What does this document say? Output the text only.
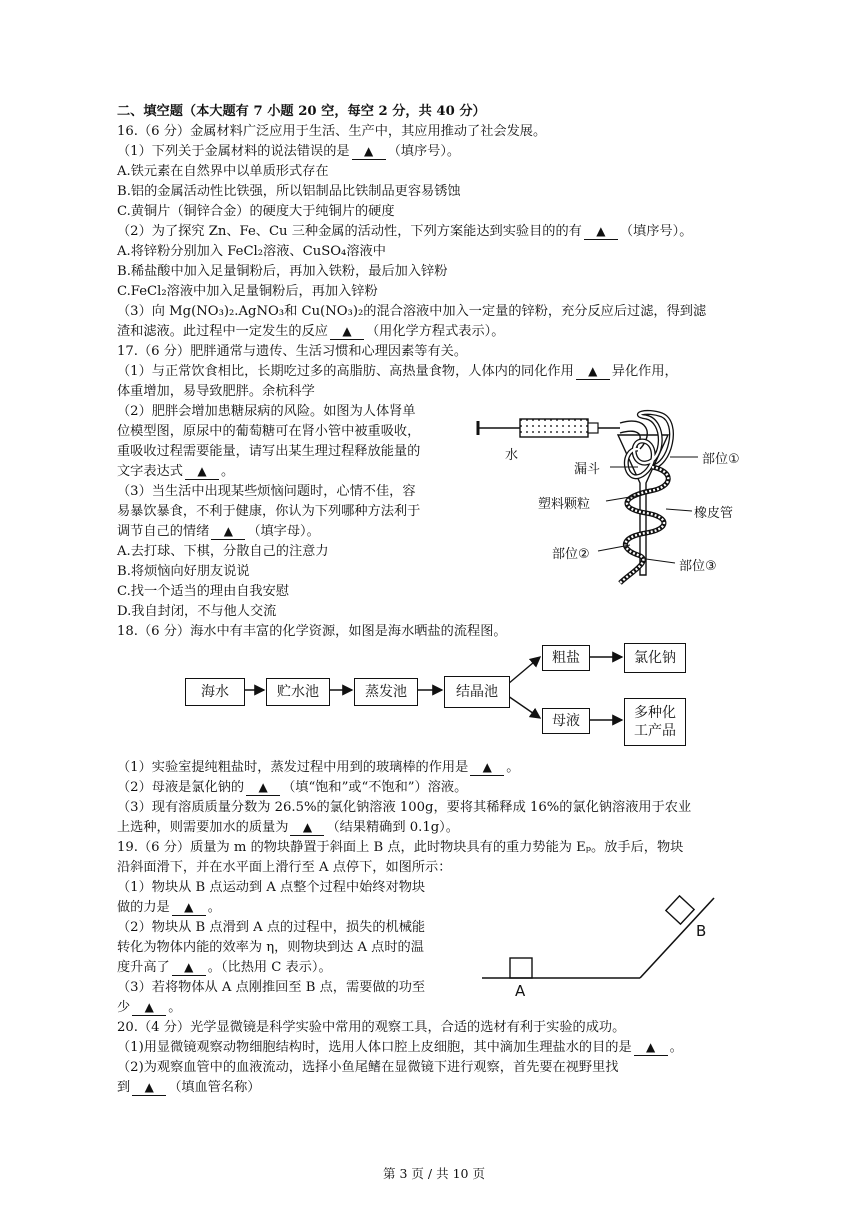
二、填空题（本大题有 7 小题 20 空，每空 2 分，共 40 分）
16.（6 分）金属材料广泛应用于生活、生产中，其应用推动了社会发展。
（1）下列关于金属材料的说法错误的是 ▲ （填序号）。
A.铁元素在自然界中以单质形式存在
B.铝的金属活动性比铁强，所以铝制品比铁制品更容易锈蚀
C.黄铜片（铜锌合金）的硬度大于纯铜片的硬度
（2）为了探究 Zn、Fe、Cu 三种金属的活动性，下列方案能达到实验目的的有 ▲ （填序号）。
A.将锌粉分别加入 FeCl₂溶液、CuSO₄溶液中
B.稀盐酸中加入足量铜粉后，再加入铁粉，最后加入锌粉
C.FeCl₂溶液中加入足量铜粉后，再加入锌粉
（3）向 Mg(NO₃)₂.AgNO₃和 Cu(NO₃)₂的混合溶液中加入一定量的锌粉，充分反应后过滤，得到滤
渣和滤液。此过程中一定发生的反应 ▲ （用化学方程式表示）。
17.（6 分）肥胖通常与遗传、生活习惯和心理因素等有关。
（1）与正常饮食相比，长期吃过多的高脂肪、高热量食物，人体内的同化作用 ▲ 异化作用，
体重增加，易导致肥胖。余杭科学
（2）肥胖会增加患糖尿病的风险。如图为人体肾单
位模型图，原尿中的葡萄糖可在肾小管中被重吸收，
重吸收过程需要能量，请写出某生理过程释放能量的
文字表达式 ▲ 。
（3）当生活中出现某些烦恼问题时，心情不佳，容
易暴饮暴食，不利于健康，你认为下列哪种方法利于
调节自己的情绪 ▲ （填字母）。
A.去打球、下棋，分散自己的注意力
B.将烦恼向好朋友说说
C.找一个适当的理由自我安慰
D.我自封闭，不与他人交流
水
漏斗
部位①
塑料颗粒
橡皮管
部位②
部位③
18.（6 分）海水中有丰富的化学资源，如图是海水晒盐的流程图。
海水	贮水池	蒸发池	结晶池
粗盐	氯化钠
母液	多种化
工产品
（1）实验室提纯粗盐时，蒸发过程中用到的玻璃棒的作用是 ▲ 。
（2）母液是氯化钠的 ▲ （填“饱和”或“不饱和”）溶液。
（3）现有溶质质量分数为 26.5%的氯化钠溶液 100g，要将其稀释成 16%的氯化钠溶液用于农业
上选种，则需要加水的质量为 ▲ （结果精确到 0.1g）。
19.（6 分）质量为 m 的物块静置于斜面上 B 点，此时物块具有的重力势能为 Eₚ。放手后，物块
沿斜面滑下，并在水平面上滑行至 A 点停下，如图所示：
（1）物块从 B 点运动到 A 点整个过程中始终对物块
做的力是 ▲ 。
（2）物块从 B 点滑到 A 点的过程中，损失的机械能
转化为物体内能的效率为 η，则物块到达 A 点时的温
度升高了 ▲ 。（比热用 C 表示）。
（3）若将物体从 A 点刚推回至 B 点，需要做的功至
少 ▲ 。
A
B
20.（4 分）光学显微镜是科学实验中常用的观察工具，合适的选材有利于实验的成功。
（1)用显微镜观察动物细胞结构时，选用人体口腔上皮细胞，其中滴加生理盐水的目的是 ▲ 。
（2)为观察血管中的血液流动，选择小鱼尾鳍在显微镜下进行观察，首先要在视野里找
到 ▲ （填血管名称）
第 3 页 / 共 10 页
